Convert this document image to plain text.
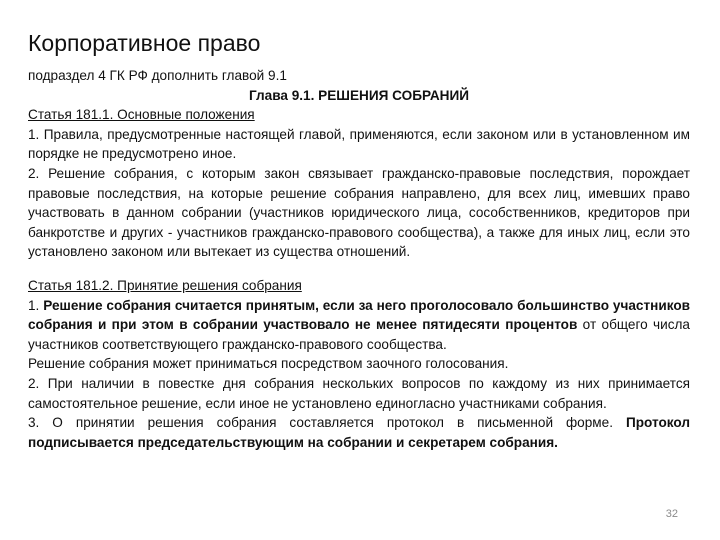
Корпоративное право

подраздел 4 ГК РФ дополнить главой 9.1

Глава 9.1. РЕШЕНИЯ СОБРАНИЙ

Статья 181.1. Основные положения

1. Правила, предусмотренные настоящей главой, применяются, если законом или в установленном им порядке не предусмотрено иное.

2. Решение собрания, с которым закон связывает гражданско-правовые последствия, порождает правовые последствия, на которые решение собрания направлено, для всех лиц, имевших право участвовать в данном собрании (участников юридического лица, сособственников, кредиторов при банкротстве и других - участников гражданско-правового сообщества), а также для иных лиц, если это установлено законом или вытекает из существа отношений.

Статья 181.2. Принятие решения собрания

1. Решение собрания считается принятым, если за него проголосовало большинство участников собрания и при этом в собрании участвовало не менее пятидесяти процентов от общего числа участников соответствующего гражданско-правового сообщества.

Решение собрания может приниматься посредством заочного голосования.

2. При наличии в повестке дня собрания нескольких вопросов по каждому из них принимается самостоятельное решение, если иное не установлено единогласно участниками собрания.

3. О принятии решения собрания составляется протокол в письменной форме. Протокол подписывается председательствующим на собрании и секретарем собрания.

32
